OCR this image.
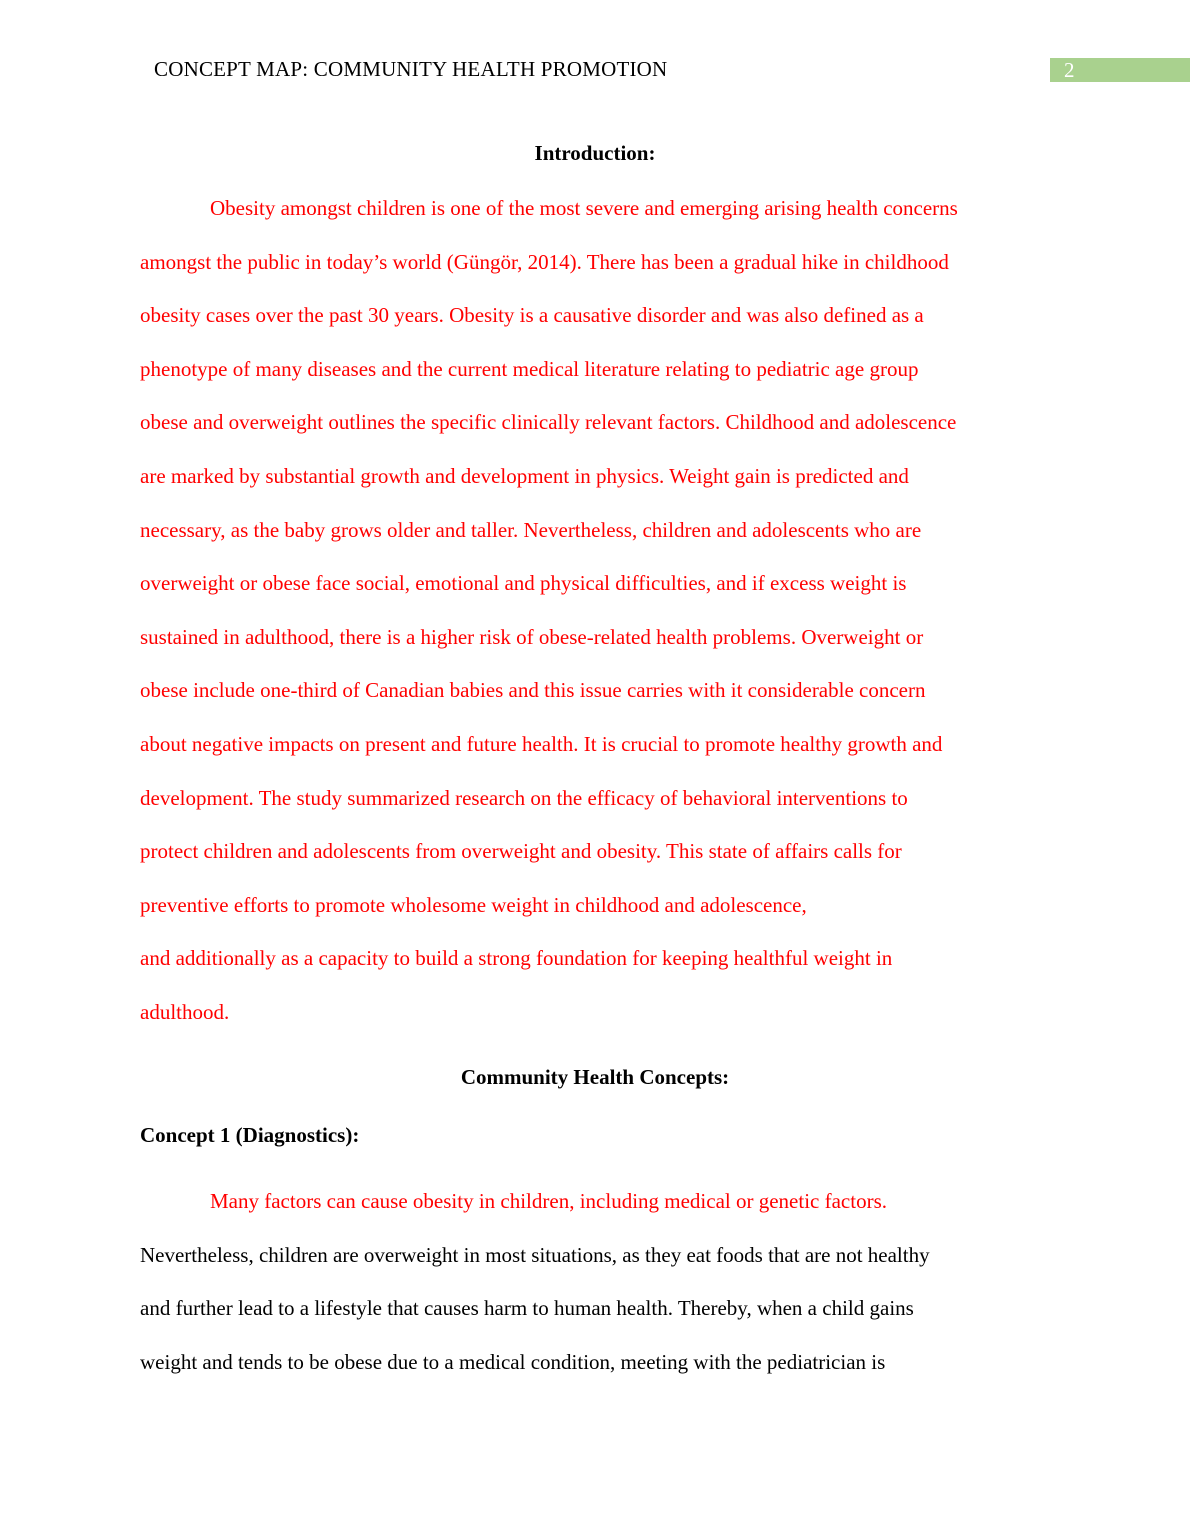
CONCEPT MAP: COMMUNITY HEALTH PROMOTION	2
Introduction:
Obesity amongst children is one of the most severe and emerging arising health concerns
amongst the public in today’s world (Güngör, 2014). There has been a gradual hike in childhood
obesity cases over the past 30 years. Obesity is a causative disorder and was also defined as a
phenotype of many diseases and the current medical literature relating to pediatric age group
obese and overweight outlines the specific clinically relevant factors. Childhood and adolescence
are marked by substantial growth and development in physics. Weight gain is predicted and
necessary, as the baby grows older and taller. Nevertheless, children and adolescents who are
overweight or obese face social, emotional and physical difficulties, and if excess weight is
sustained in adulthood, there is a higher risk of obese-related health problems. Overweight or
obese include one-third of Canadian babies and this issue carries with it considerable concern
about negative impacts on present and future health. It is crucial to promote healthy growth and
development. The study summarized research on the efficacy of behavioral interventions to
protect children and adolescents from overweight and obesity. This state of affairs calls for
preventive efforts to promote wholesome weight in childhood and adolescence,
and additionally as a capacity to build a strong foundation for keeping healthful weight in
adulthood.
Community Health Concepts:
Concept 1 (Diagnostics):
Many factors can cause obesity in children, including medical or genetic factors.
Nevertheless, children are overweight in most situations, as they eat foods that are not healthy
and further lead to a lifestyle that causes harm to human health. Thereby, when a child gains
weight and tends to be obese due to a medical condition, meeting with the pediatrician is
